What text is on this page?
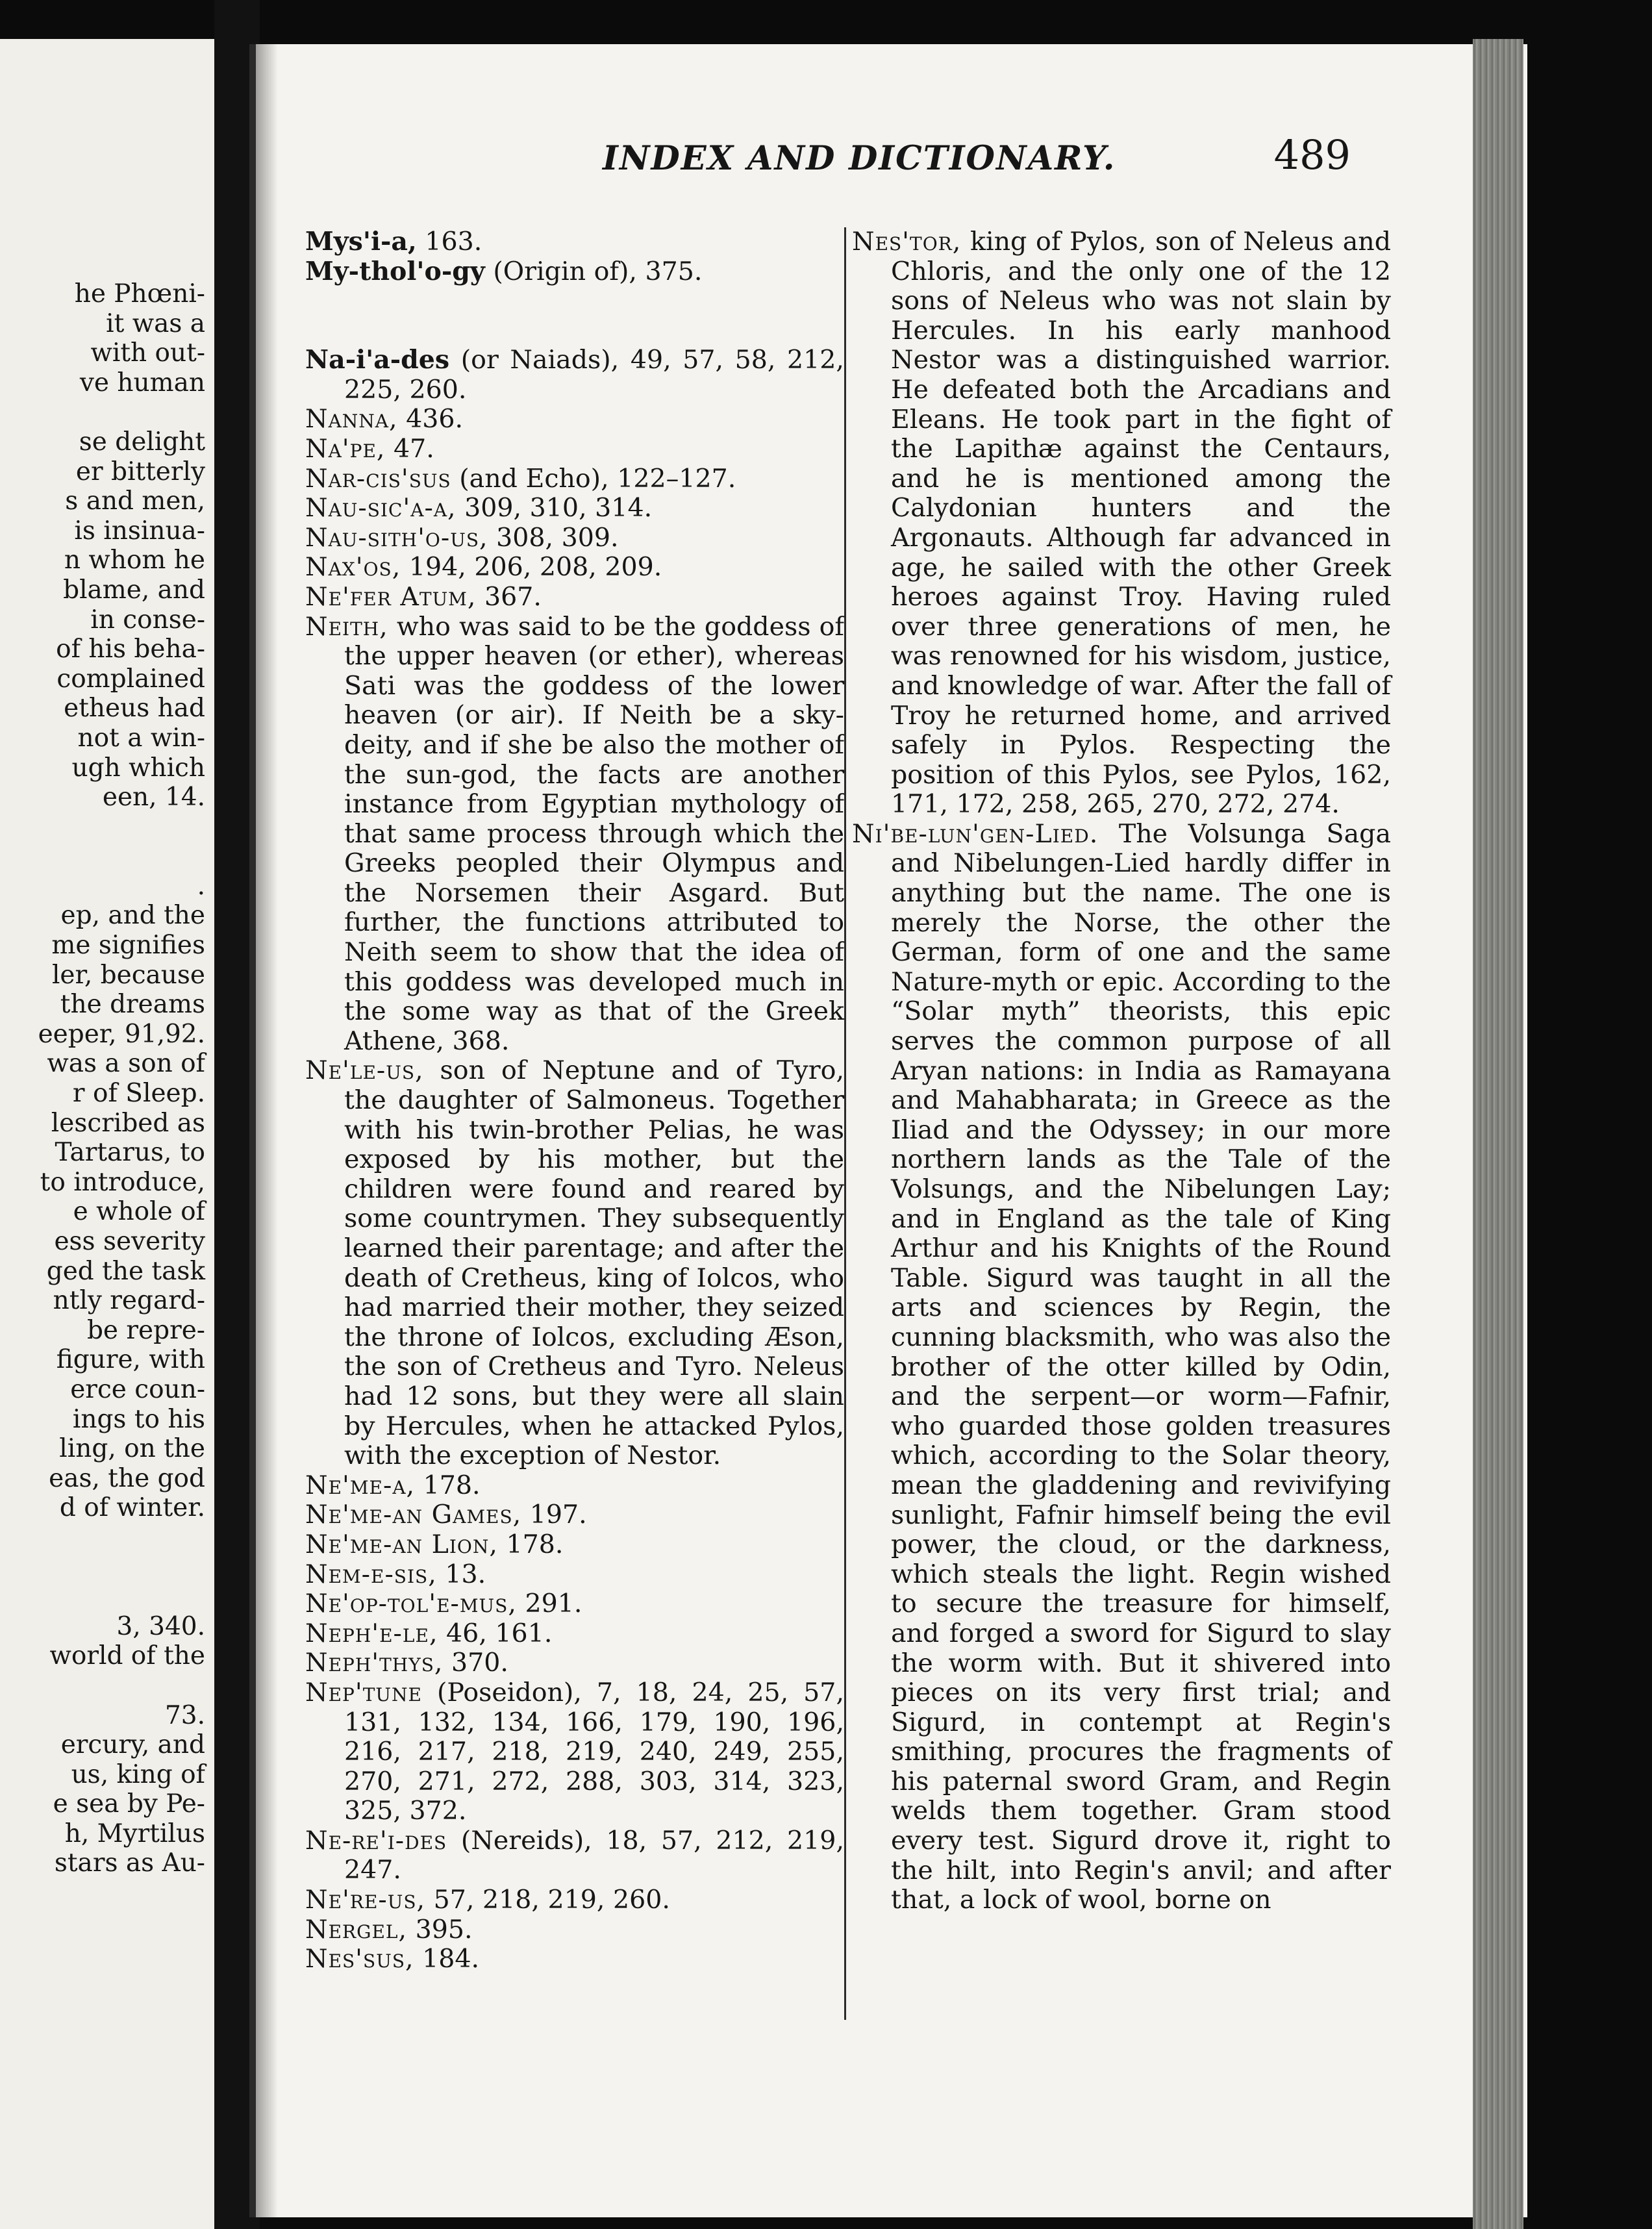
he Phœni-
it was a
with out-
ve human
se delight
er bitterly
s and men,
is insinua-
n whom he
blame, and
in conse-
of his beha-
complained
etheus had
not a win-
ugh which
een, 14.
.
ep, and the
me signifies
ler, because
the dreams
eeper, 91,92.
was a son of
r of Sleep.
lescribed as
Tartarus, to
to introduce,
e whole of
ess severity
ged the task
ntly regard-
be repre-
figure, with
erce coun-
ings to his
ling, on the
eas, the god
d of winter.
3, 340.
world of the
73.
ercury, and
us, king of
e sea by Pe-
h, Myrtilus
stars as Au-
INDEX AND DICTIONARY.	489
Mys'i-a, 163.
My-thol'o-gy (Origin of), 375.
Na-i'a-des (or Naiads), 49, 57, 58, 212, 225, 260.
Nanna, 436.
Na'pe, 47.
Nar-cis'sus (and Echo), 122–127.
Nau-sic'a-a, 309, 310, 314.
Nau-sith'o-us, 308, 309.
Nax'os, 194, 206, 208, 209.
Ne'fer Atum, 367.
Neith, who was said to be the goddess of the upper heaven (or ether), whereas Sati was the goddess of the lower heaven (or air). If Neith be a sky-deity, and if she be also the mother of the sun-god, the facts are another instance from Egyptian mythology of that same process through which the Greeks peopled their Olympus and the Norsemen their Asgard. But further, the functions attributed to Neith seem to show that the idea of this goddess was developed much in the some way as that of the Greek Athene, 368.
Ne'le-us, son of Neptune and of Tyro, the daughter of Salmoneus. Together with his twin-brother Pelias, he was exposed by his mother, but the children were found and reared by some countrymen. They subsequently learned their parentage; and after the death of Cretheus, king of Iolcos, who had married their mother, they seized the throne of Iolcos, excluding Æson, the son of Cretheus and Tyro. Neleus had 12 sons, but they were all slain by Hercules, when he attacked Pylos, with the exception of Nestor.
Ne'me-a, 178.
Ne'me-an Games, 197.
Ne'me-an Lion, 178.
Nem-e-sis, 13.
Ne'op-tol'e-mus, 291.
Neph'e-le, 46, 161.
Neph'thys, 370.
Nep'tune (Poseidon), 7, 18, 24, 25, 57, 131, 132, 134, 166, 179, 190, 196, 216, 217, 218, 219, 240, 249, 255, 270, 271, 272, 288, 303, 314, 323, 325, 372.
Ne-re'i-des (Nereids), 18, 57, 212, 219, 247.
Ne're-us, 57, 218, 219, 260.
Nergel, 395.
Nes'sus, 184.
Nes'tor, king of Pylos, son of Neleus and Chloris, and the only one of the 12 sons of Neleus who was not slain by Hercules. In his early manhood Nestor was a distinguished warrior. He defeated both the Arcadians and Eleans. He took part in the fight of the Lapithæ against the Centaurs, and he is mentioned among the Calydonian hunters and the Argonauts. Although far advanced in age, he sailed with the other Greek heroes against Troy. Having ruled over three generations of men, he was renowned for his wisdom, justice, and knowledge of war. After the fall of Troy he returned home, and arrived safely in Pylos. Respecting the position of this Pylos, see Pylos, 162, 171, 172, 258, 265, 270, 272, 274.
Ni'be-lun'gen-Lied. The Volsunga Saga and Nibelungen-Lied hardly differ in anything but the name. The one is merely the Norse, the other the German, form of one and the same Nature-myth or epic. According to the “Solar myth” theorists, this epic serves the common purpose of all Aryan nations: in India as Ramayana and Mahabharata; in Greece as the Iliad and the Odyssey; in our more northern lands as the Tale of the Volsungs, and the Nibelungen Lay; and in England as the tale of King Arthur and his Knights of the Round Table. Sigurd was taught in all the arts and sciences by Regin, the cunning blacksmith, who was also the brother of the otter killed by Odin, and the serpent—or worm—Fafnir, who guarded those golden treasures which, according to the Solar theory, mean the gladdening and revivifying sunlight, Fafnir himself being the evil power, the cloud, or the darkness, which steals the light. Regin wished to secure the treasure for himself, and forged a sword for Sigurd to slay the worm with. But it shivered into pieces on its very first trial; and Sigurd, in contempt at Regin's smithing, procures the fragments of his paternal sword Gram, and Regin welds them together. Gram stood every test. Sigurd drove it, right to the hilt, into Regin's anvil; and after that, a lock of wool, borne on
